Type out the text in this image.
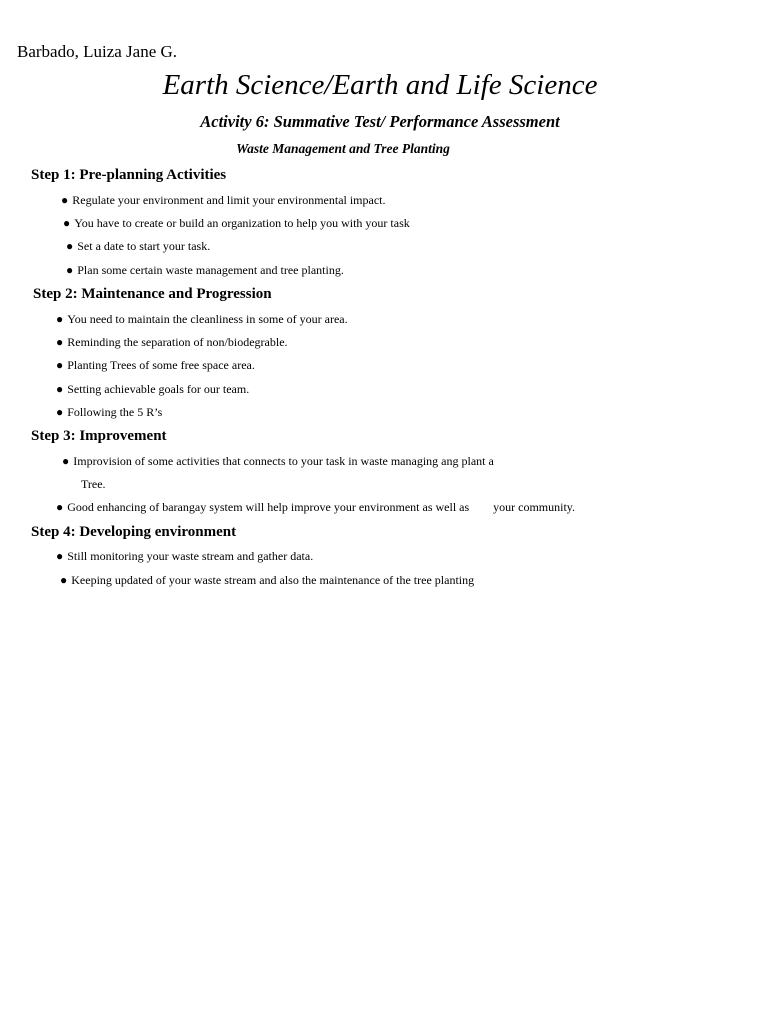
Barbado, Luiza Jane G.
Earth Science/Earth and Life Science
Activity 6: Summative Test/ Performance Assessment
Waste Management and Tree Planting
Step 1: Pre-planning Activities
● Regulate your environment and limit your environmental impact.
● You have to create or build an organization to help you with your task
● Set a date to start your task.
● Plan some certain waste management and tree planting.
Step 2: Maintenance and Progression
● You need to maintain the cleanliness in some of your area.
● Reminding the separation of non/biodegrable.
● Planting Trees of some free space area.
● Setting achievable goals for our team.
● Following the 5 R’s
Step 3: Improvement
● Improvision of some activities that connects to your task in waste managing ang plant a
Tree.
● Good enhancing of barangay system will help improve your environment as well as        your community.
Step 4: Developing environment
● Still monitoring your waste stream and gather data.
● Keeping updated of your waste stream and also the maintenance of the tree planting
